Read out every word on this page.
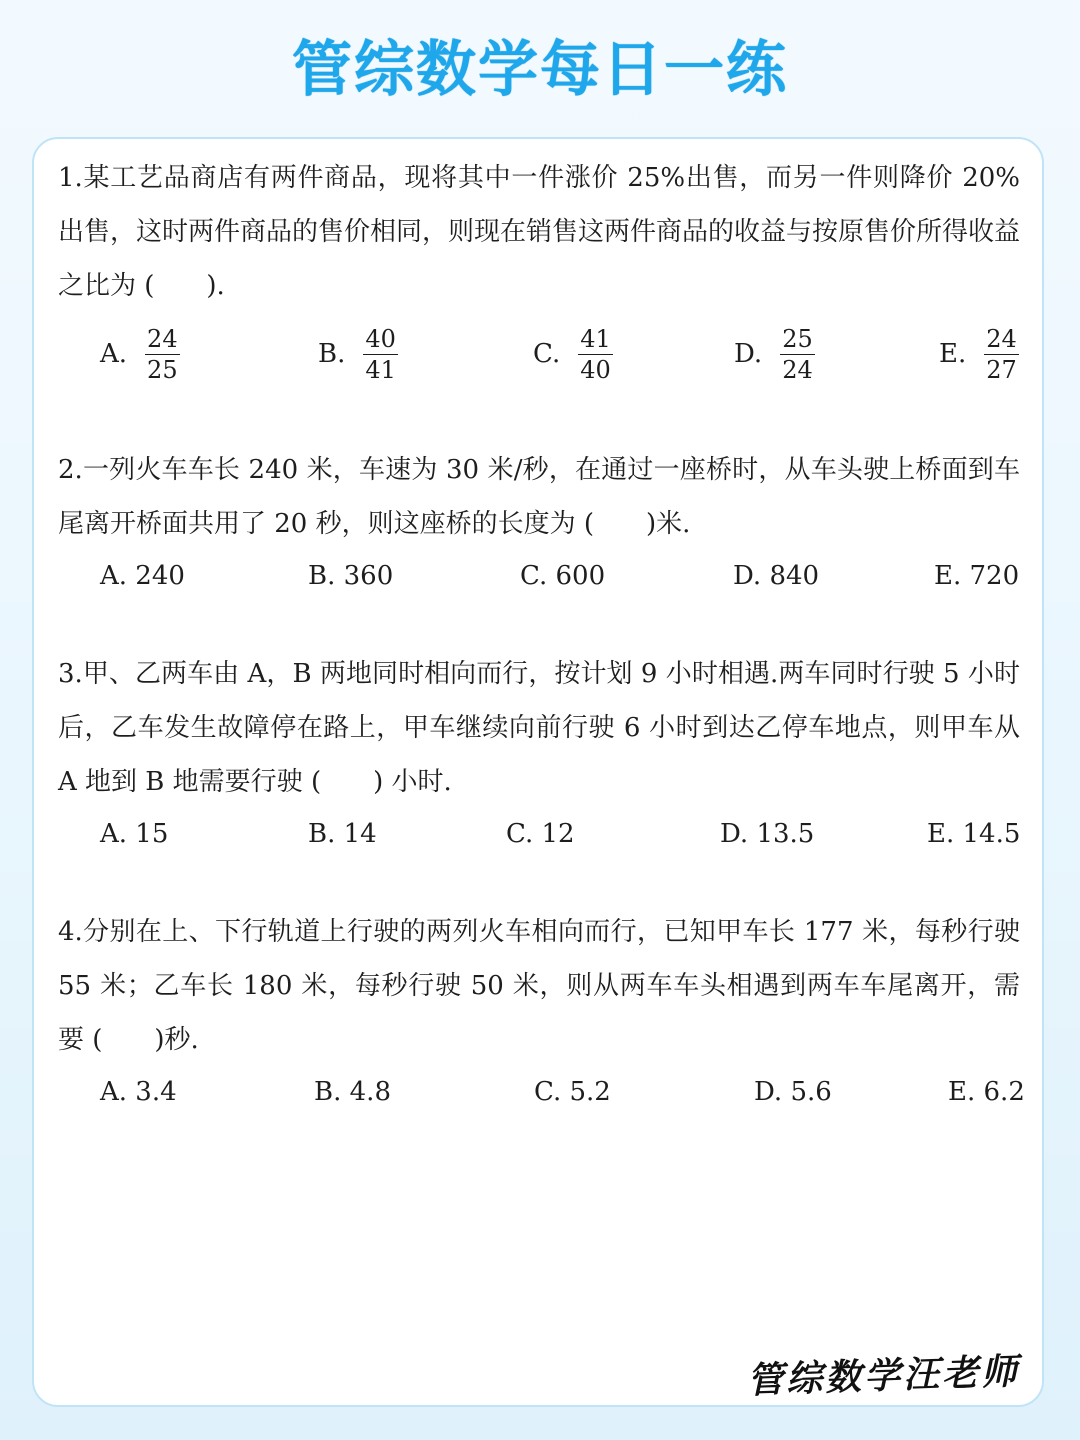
管综数学每日一练
1.某工艺品商店有两件商品，现将其中一件涨价 25%出售，而另一件则降价 20%出售，这时两件商品的售价相同，则现在销售这两件商品的收益与按原售价所得收益之比为 (　　).
A. $\frac{24}{25}$	B. $\frac{40}{41}$	C. $\frac{41}{40}$	D. $\frac{25}{24}$	E. $\frac{24}{27}$
2.一列火车车长 240 米，车速为 30 米/秒，在通过一座桥时，从车头驶上桥面到车尾离开桥面共用了 20 秒，则这座桥的长度为 (　　)米.
A. 240	B. 360	C. 600	D. 840	E. 720
3.甲、乙两车由 A，B 两地同时相向而行，按计划 9 小时相遇.两车同时行驶 5 小时后，乙车发生故障停在路上，甲车继续向前行驶 6 小时到达乙停车地点，则甲车从 A 地到 B 地需要行驶 (　　) 小时.
A. 15	B. 14	C. 12	D. 13.5	E. 14.5
4.分别在上、下行轨道上行驶的两列火车相向而行，已知甲车长 177 米，每秒行驶 55 米；乙车长 180 米，每秒行驶 50 米，则从两车车头相遇到两车车尾离开，需要 (　　)秒.
A. 3.4	B. 4.8	C. 5.2	D. 5.6	E. 6.2
管综数学汪老师
